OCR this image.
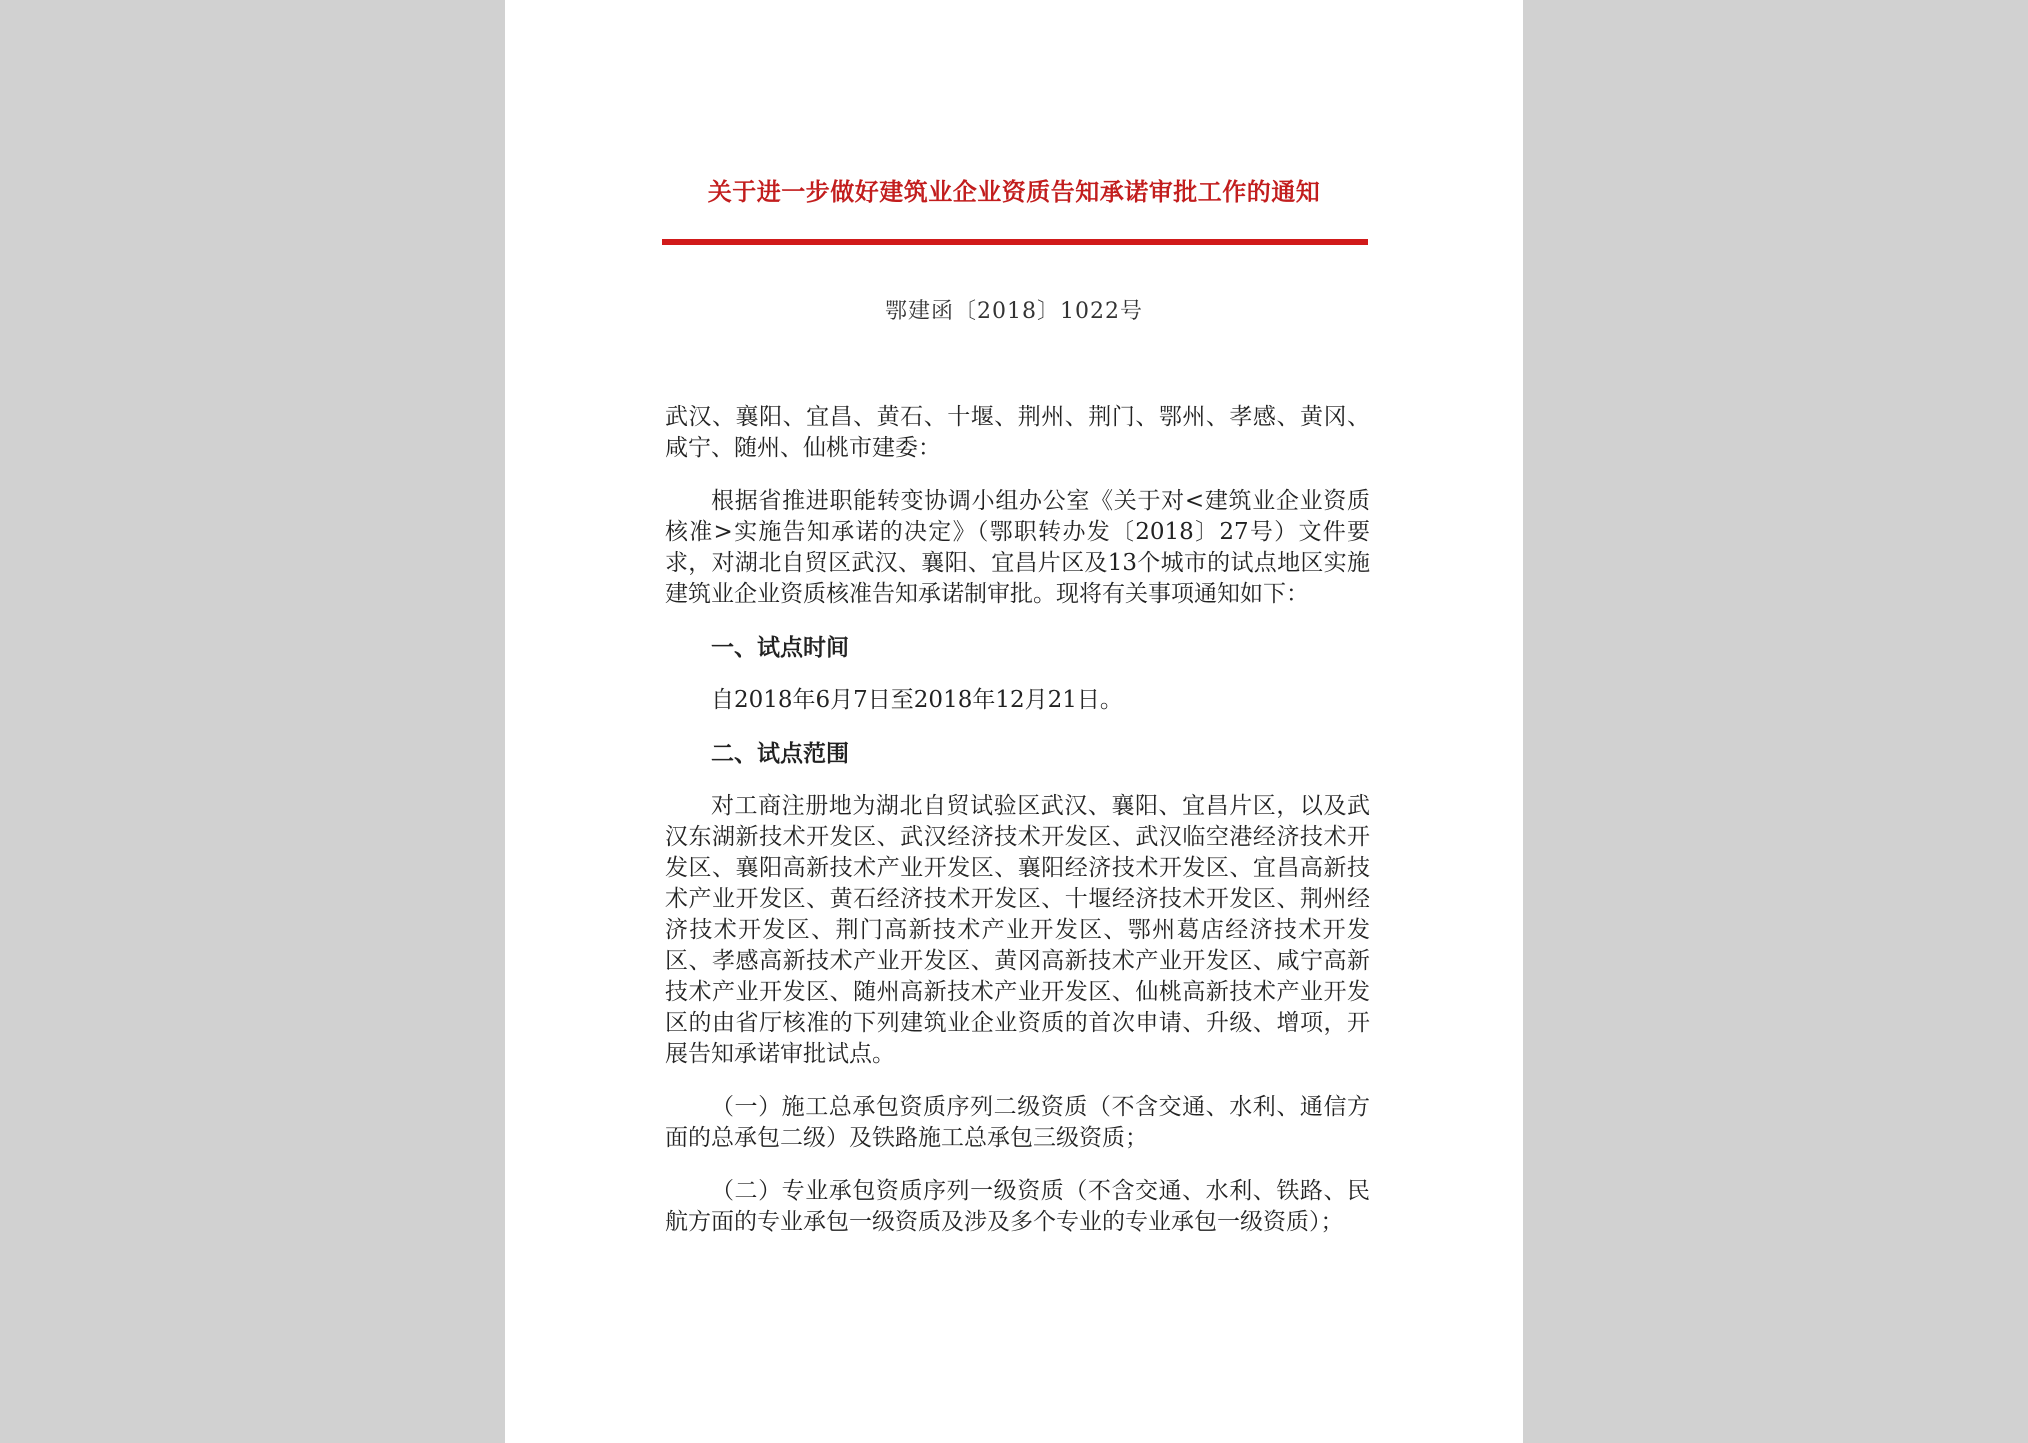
关于进一步做好建筑业企业资质告知承诺审批工作的通知
鄂建函〔2018〕1022号

武汉、襄阳、宜昌、黄石、十堰、荆州、荆门、鄂州、孝感、黄冈、咸宁、随州、仙桃市建委：

根据省推进职能转变协调小组办公室《关于对<建筑业企业资质核准>实施告知承诺的决定》（鄂职转办发〔2018〕27号）文件要求，对湖北自贸区武汉、襄阳、宜昌片区及13个城市的试点地区实施建筑业企业资质核准告知承诺制审批。现将有关事项通知如下：

一、试点时间

自2018年6月7日至2018年12月21日。

二、试点范围

对工商注册地为湖北自贸试验区武汉、襄阳、宜昌片区，以及武汉东湖新技术开发区、武汉经济技术开发区、武汉临空港经济技术开发区、襄阳高新技术产业开发区、襄阳经济技术开发区、宜昌高新技术产业开发区、黄石经济技术开发区、十堰经济技术开发区、荆州经济技术开发区、荆门高新技术产业开发区、鄂州葛店经济技术开发区、孝感高新技术产业开发区、黄冈高新技术产业开发区、咸宁高新技术产业开发区、随州高新技术产业开发区、仙桃高新技术产业开发区的由省厅核准的下列建筑业企业资质的首次申请、升级、增项，开展告知承诺审批试点。

（一）施工总承包资质序列二级资质（不含交通、水利、通信方面的总承包二级）及铁路施工总承包三级资质；

（二）专业承包资质序列一级资质（不含交通、水利、铁路、民航方面的专业承包一级资质及涉及多个专业的专业承包一级资质）；
